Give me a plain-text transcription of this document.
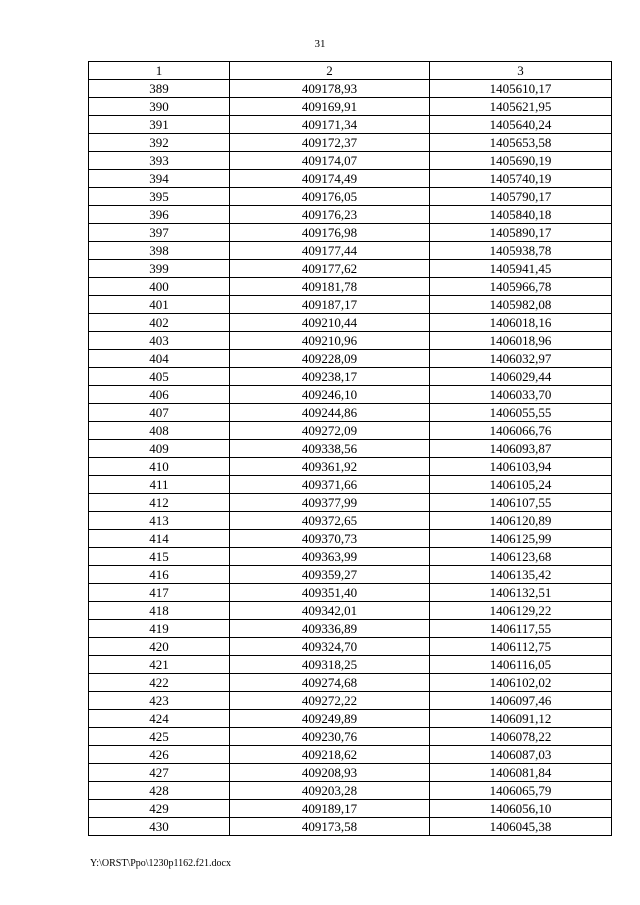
31
1	2	3
389	409178,93	1405610,17
390	409169,91	1405621,95
391	409171,34	1405640,24
392	409172,37	1405653,58
393	409174,07	1405690,19
394	409174,49	1405740,19
395	409176,05	1405790,17
396	409176,23	1405840,18
397	409176,98	1405890,17
398	409177,44	1405938,78
399	409177,62	1405941,45
400	409181,78	1405966,78
401	409187,17	1405982,08
402	409210,44	1406018,16
403	409210,96	1406018,96
404	409228,09	1406032,97
405	409238,17	1406029,44
406	409246,10	1406033,70
407	409244,86	1406055,55
408	409272,09	1406066,76
409	409338,56	1406093,87
410	409361,92	1406103,94
411	409371,66	1406105,24
412	409377,99	1406107,55
413	409372,65	1406120,89
414	409370,73	1406125,99
415	409363,99	1406123,68
416	409359,27	1406135,42
417	409351,40	1406132,51
418	409342,01	1406129,22
419	409336,89	1406117,55
420	409324,70	1406112,75
421	409318,25	1406116,05
422	409274,68	1406102,02
423	409272,22	1406097,46
424	409249,89	1406091,12
425	409230,76	1406078,22
426	409218,62	1406087,03
427	409208,93	1406081,84
428	409203,28	1406065,79
429	409189,17	1406056,10
430	409173,58	1406045,38
Y:\ORST\Ppo\1230p1162.f21.docx
